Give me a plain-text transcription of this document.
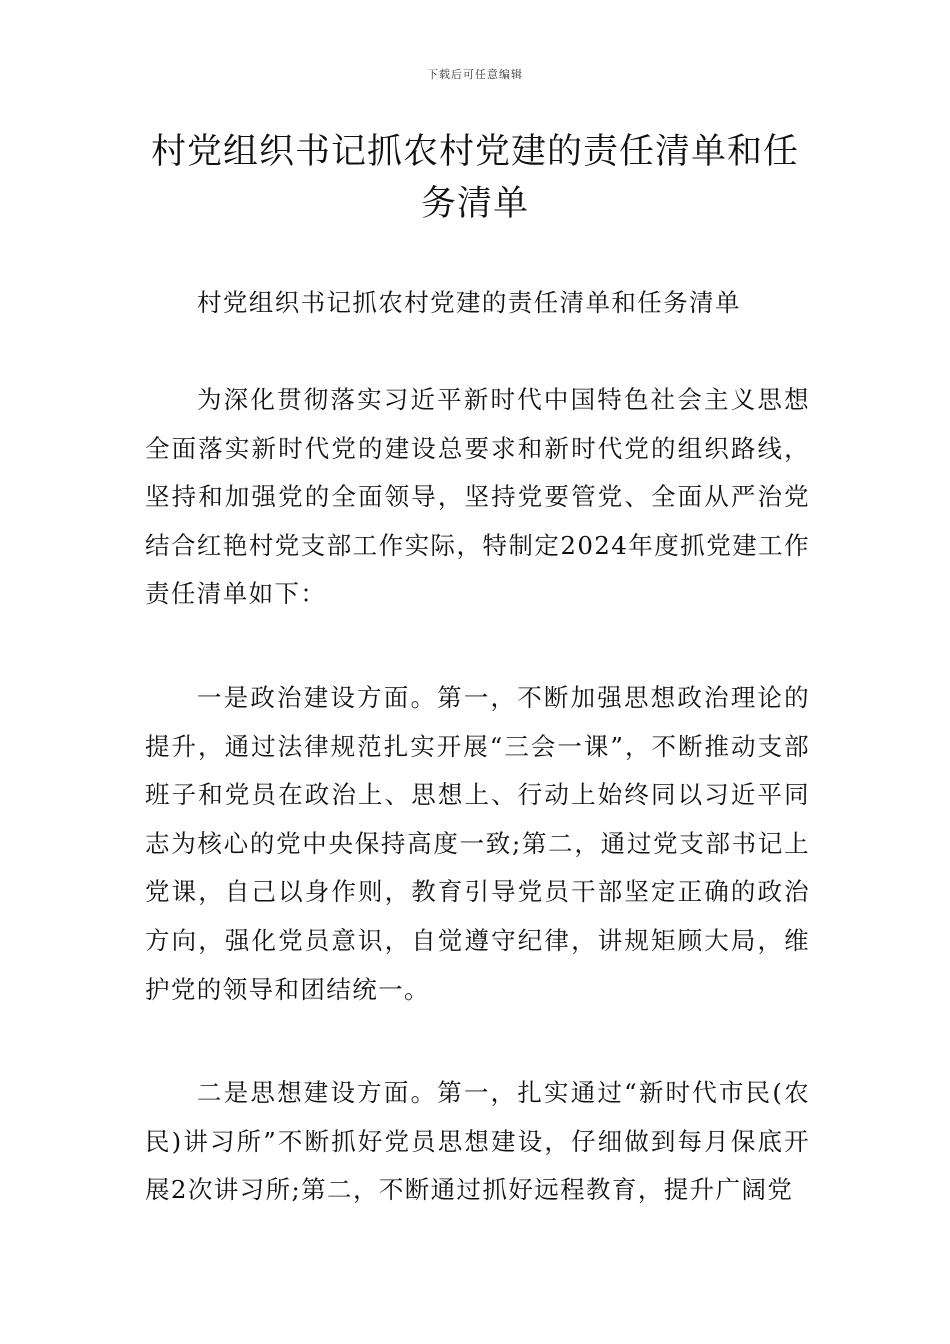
下载后可任意编辑
村党组织书记抓农村党建的责任清单和任务清单

村党组织书记抓农村党建的责任清单和任务清单

为深化贯彻落实习近平新时代中国特色社会主义思想全面落实新时代党的建设总要求和新时代党的组织路线，坚持和加强党的全面领导，坚持党要管党、全面从严治党结合红艳村党支部工作实际，特制定2024年度抓党建工作责任清单如下：

一是政治建设方面。第一，不断加强思想政治理论的提升，通过法律规范扎实开展“三会一课”，不断推动支部班子和党员在政治上、思想上、行动上始终同以习近平同志为核心的党中央保持高度一致;第二，通过党支部书记上党课，自己以身作则，教育引导党员干部坚定正确的政治方向，强化党员意识，自觉遵守纪律，讲规矩顾大局，维护党的领导和团结统一。

二是思想建设方面。第一，扎实通过“新时代市民(农民)讲习所”不断抓好党员思想建设，仔细做到每月保底开展2次讲习所;第二，不断通过抓好远程教育，提升广阔党
